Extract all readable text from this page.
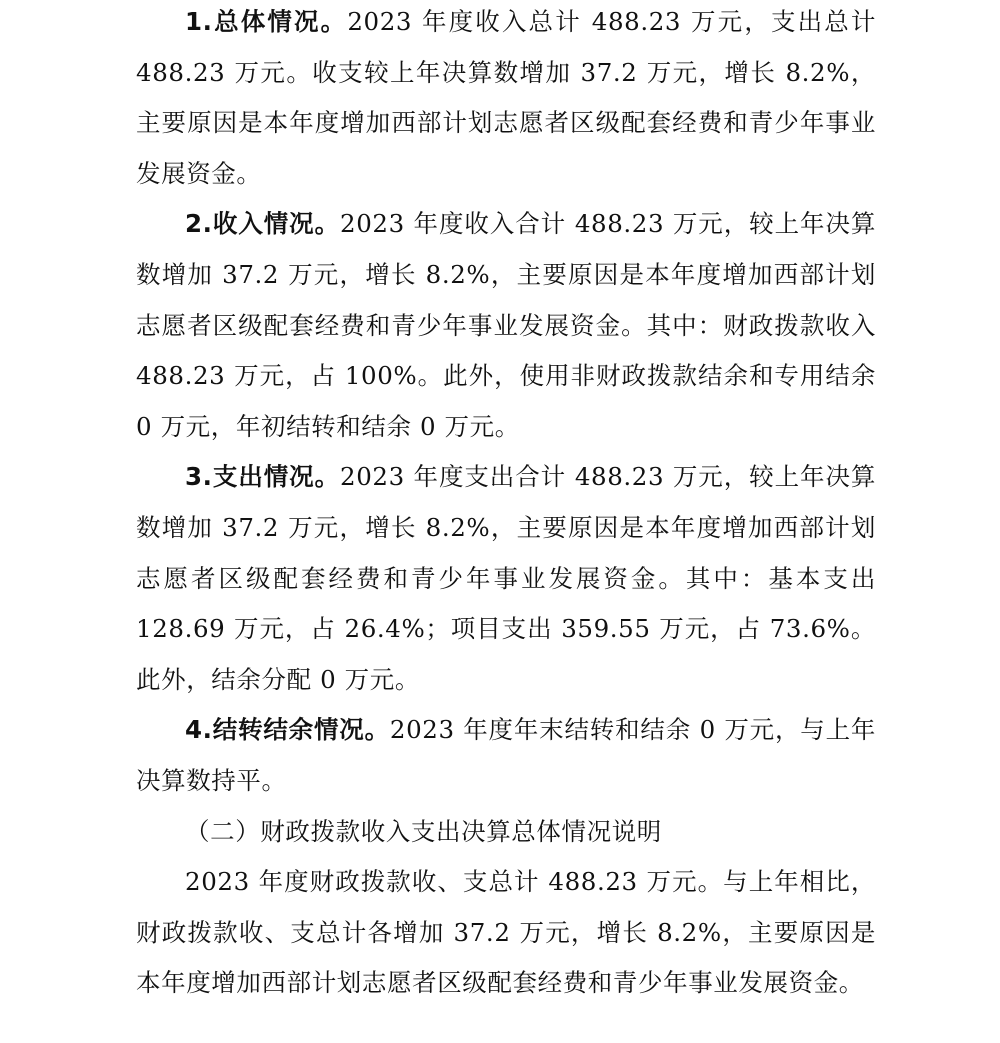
1.总体情况。2023 年度收入总计 488.23 万元，支出总计 488.23 万元。收支较上年决算数增加 37.2 万元，增长 8.2%，主要原因是本年度增加西部计划志愿者区级配套经费和青少年事业发展资金。

2.收入情况。2023 年度收入合计 488.23 万元，较上年决算数增加 37.2 万元，增长 8.2%，主要原因是本年度增加西部计划志愿者区级配套经费和青少年事业发展资金。其中：财政拨款收入 488.23 万元，占 100%。此外，使用非财政拨款结余和专用结余 0 万元，年初结转和结余 0 万元。

3.支出情况。2023 年度支出合计 488.23 万元，较上年决算数增加 37.2 万元，增长 8.2%，主要原因是本年度增加西部计划志愿者区级配套经费和青少年事业发展资金。其中：基本支出 128.69 万元，占 26.4%；项目支出 359.55 万元，占 73.6%。此外，结余分配 0 万元。

4.结转结余情况。2023 年度年末结转和结余 0 万元，与上年决算数持平。

（二）财政拨款收入支出决算总体情况说明

2023 年度财政拨款收、支总计 488.23 万元。与上年相比，财政拨款收、支总计各增加 37.2 万元，增长 8.2%，主要原因是本年度增加西部计划志愿者区级配套经费和青少年事业发展资金。
